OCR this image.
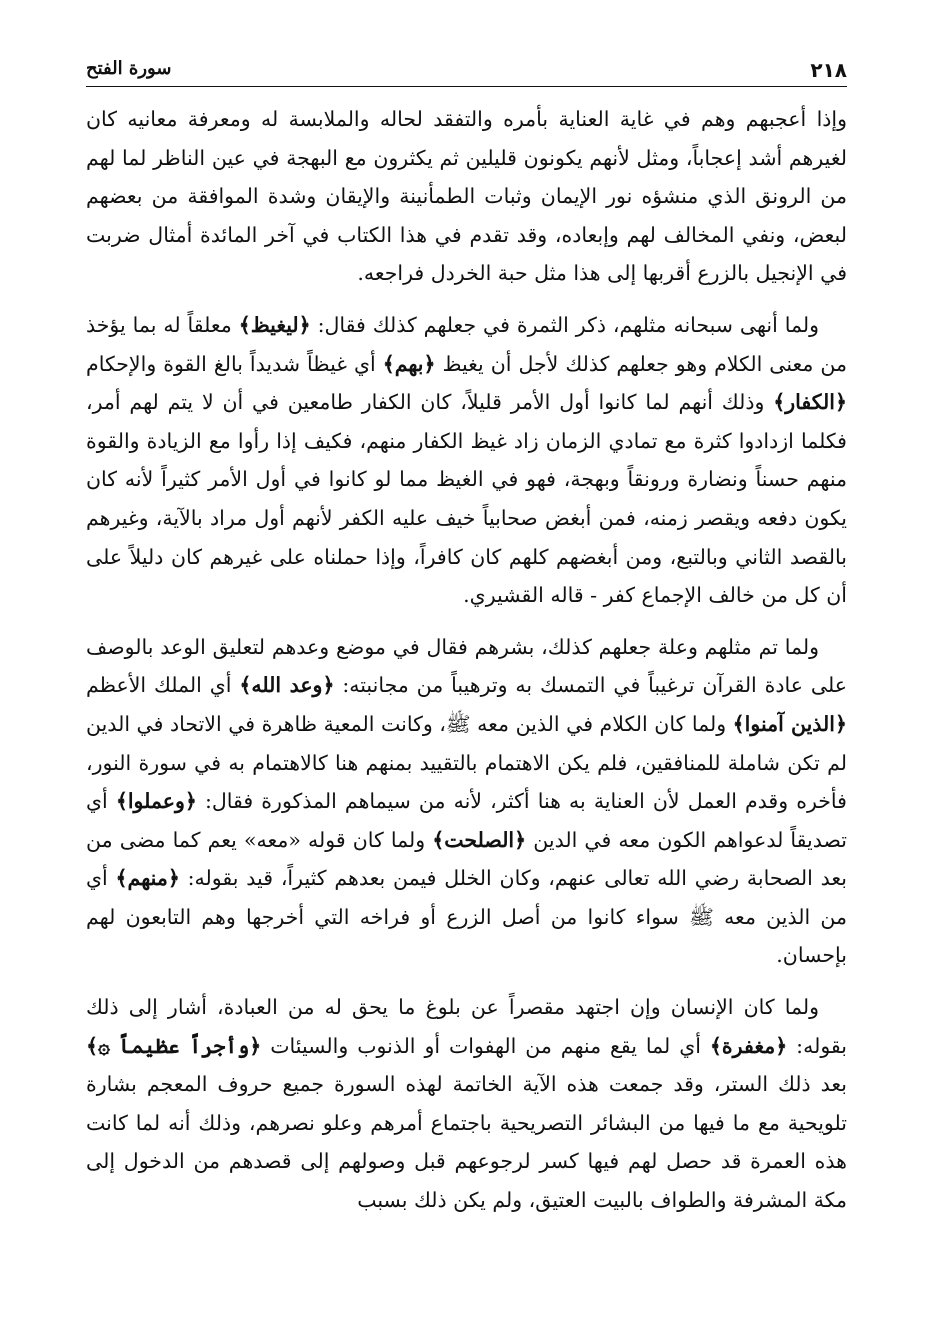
٢١٨
سورة الفتح

وإذا أعجبهم وهم في غاية العناية بأمره والتفقد لحاله والملابسة له ومعرفة معانيه كان لغيرهم أشد إعجاباً، ومثل لأنهم يكونون قليلين ثم يكثرون مع البهجة في عين الناظر لما لهم من الرونق الذي منشؤه نور الإيمان وثبات الطمأنينة والإيقان وشدة الموافقة من بعضهم لبعض، ونفي المخالف لهم وإبعاده، وقد تقدم في هذا الكتاب في آخر المائدة أمثال ضربت في الإنجيل بالزرع أقربها إلى هذا مثل حبة الخردل فراجعه.

ولما أنهى سبحانه مثلهم، ذكر الثمرة في جعلهم كذلك فقال: ﴿ليغيظ﴾ معلقاً له بما يؤخذ من معنى الكلام وهو جعلهم كذلك لأجل أن يغيظ ﴿بهم﴾ أي غيظاً شديداً بالغ القوة والإحكام ﴿الكفار﴾ وذلك أنهم لما كانوا أول الأمر قليلاً، كان الكفار طامعين في أن لا يتم لهم أمر، فكلما ازدادوا كثرة مع تمادي الزمان زاد غيظ الكفار منهم، فكيف إذا رأوا مع الزيادة والقوة منهم حسناً ونضارة ورونقاً وبهجة، فهو في الغيظ مما لو كانوا في أول الأمر كثيراً لأنه كان يكون دفعه ويقصر زمنه، فمن أبغض صحابياً خيف عليه الكفر لأنهم أول مراد بالآية، وغيرهم بالقصد الثاني وبالتبع، ومن أبغضهم كلهم كان كافراً، وإذا حملناه على غيرهم كان دليلاً على أن كل من خالف الإجماع كفر - قاله القشيري.

ولما تم مثلهم وعلة جعلهم كذلك، بشرهم فقال في موضع وعدهم لتعليق الوعد بالوصف على عادة القرآن ترغيباً في التمسك به وترهيباً من مجانبته: ﴿وعد الله﴾ أي الملك الأعظم ﴿الذين آمنوا﴾ ولما كان الكلام في الذين معه ﷺ، وكانت المعية ظاهرة في الاتحاد في الدين لم تكن شاملة للمنافقين، فلم يكن الاهتمام بالتقييد بمنهم هنا كالاهتمام به في سورة النور، فأخره وقدم العمل لأن العناية به هنا أكثر، لأنه من سيماهم المذكورة فقال: ﴿وعملوا﴾ أي تصديقاً لدعواهم الكون معه في الدين ﴿الصلحت﴾ ولما كان قوله «معه» يعم كما مضى من بعد الصحابة رضي الله تعالى عنهم، وكان الخلل فيمن بعدهم كثيراً، قيد بقوله: ﴿منهم﴾ أي من الذين معه ﷺ سواء كانوا من أصل الزرع أو فراخه التي أخرجها وهم التابعون لهم بإحسان.

ولما كان الإنسان وإن اجتهد مقصراً عن بلوغ ما يحق له من العبادة، أشار إلى ذلك بقوله: ﴿مغفرة﴾ أي لما يقع منهم من الهفوات أو الذنوب والسيئات ﴿وأجراً عظيماً ۞﴾ بعد ذلك الستر، وقد جمعت هذه الآية الخاتمة لهذه السورة جميع حروف المعجم بشارة تلويحية مع ما فيها من البشائر التصريحية باجتماع أمرهم وعلو نصرهم، وذلك أنه لما كانت هذه العمرة قد حصل لهم فيها كسر لرجوعهم قبل وصولهم إلى قصدهم من الدخول إلى مكة المشرفة والطواف بالبيت العتيق، ولم يكن ذلك بسبب
